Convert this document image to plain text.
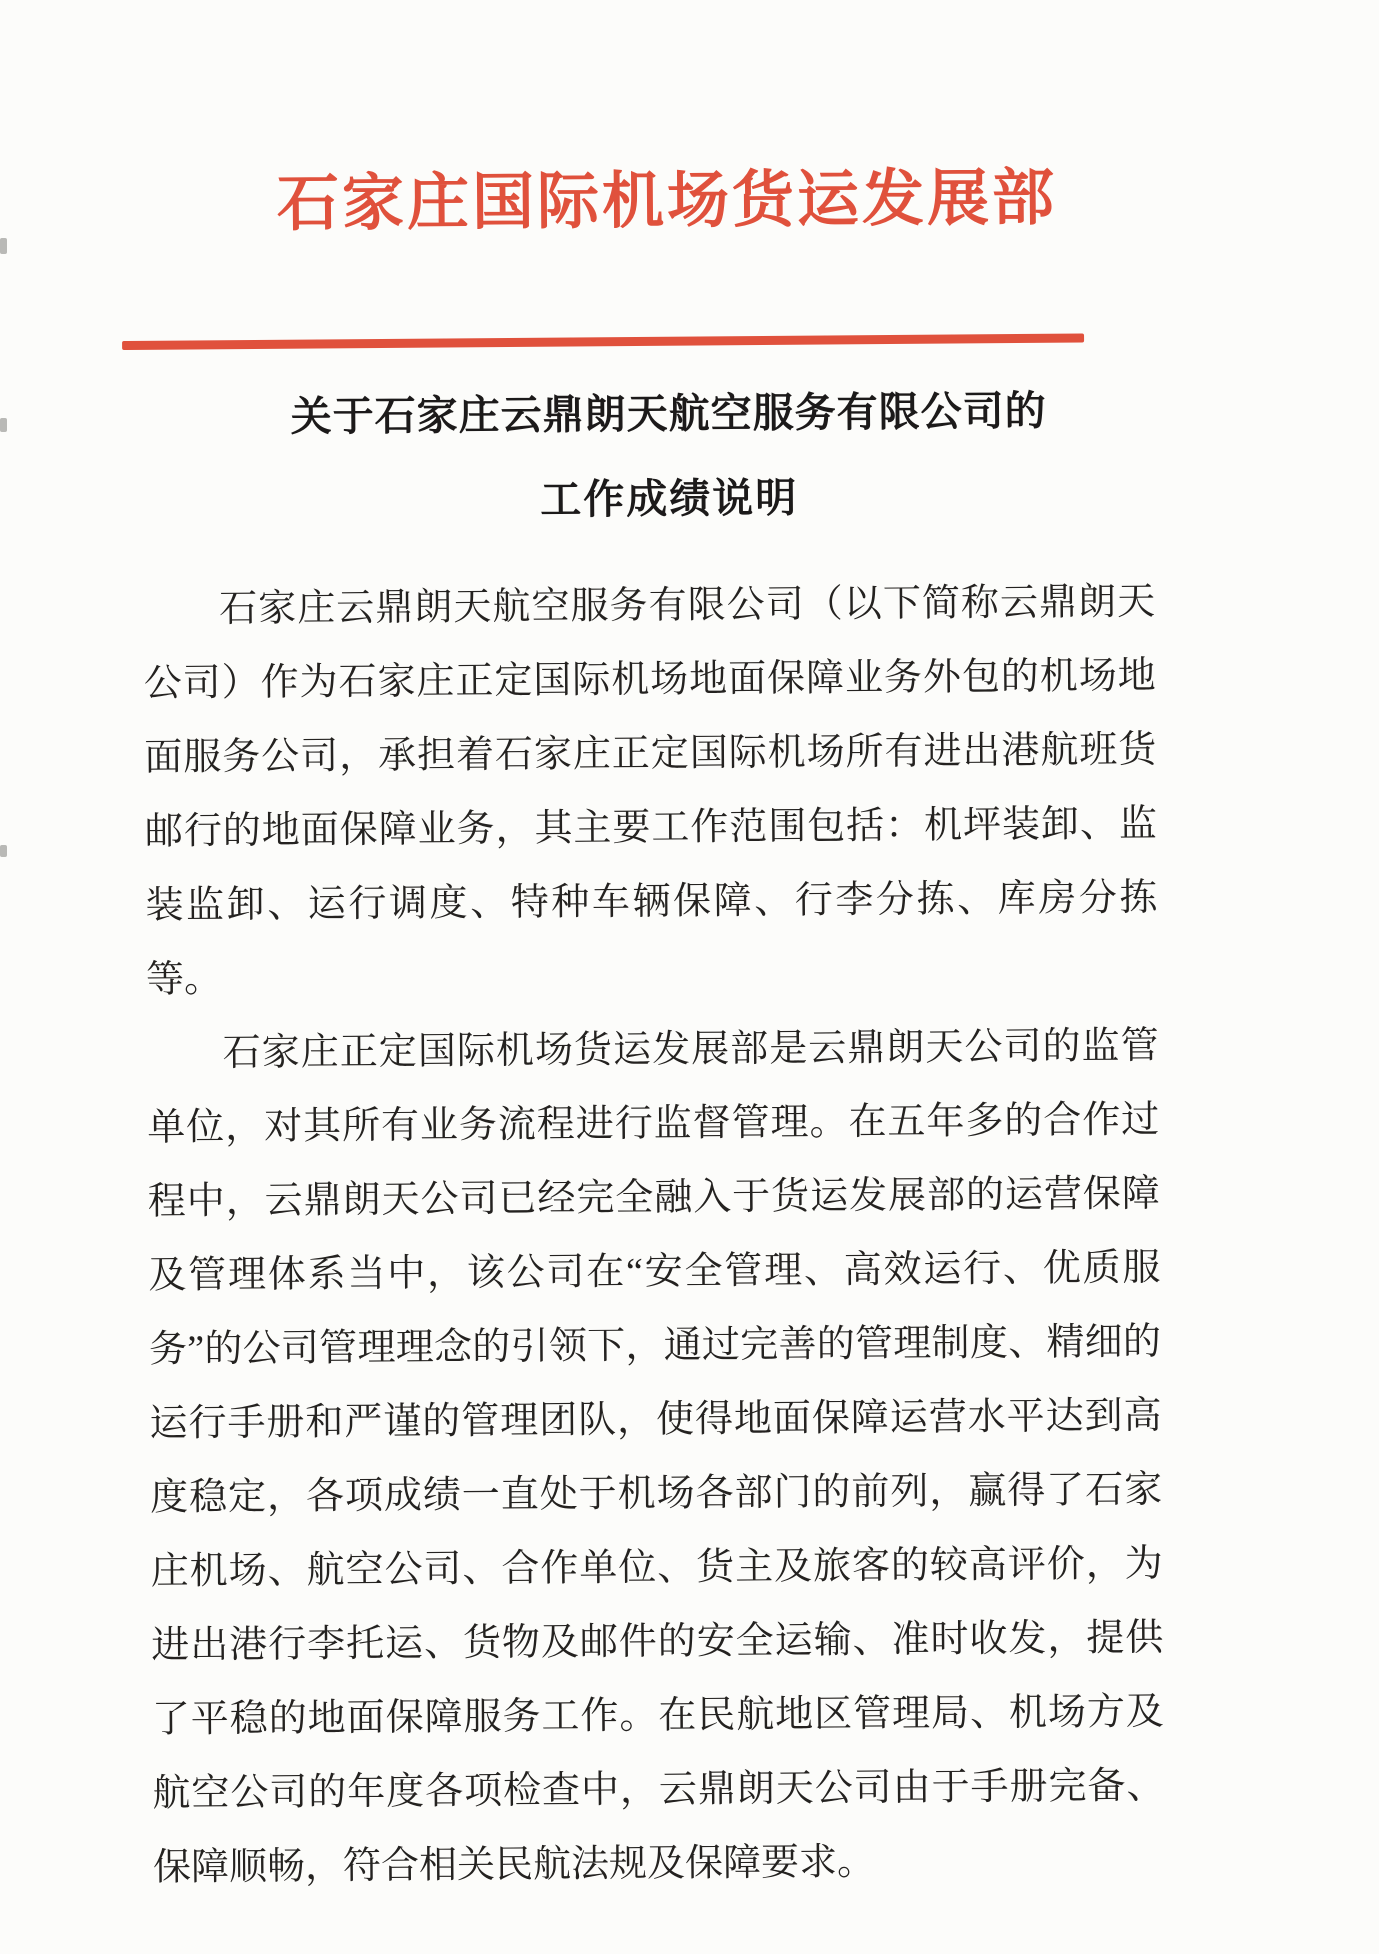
石家庄国际机场货运发展部
关于石家庄云鼎朗天航空服务有限公司的
工作成绩说明

石家庄云鼎朗天航空服务有限公司（以下简称云鼎朗天公司）作为石家庄正定国际机场地面保障业务外包的机场地面服务公司，承担着石家庄正定国际机场所有进出港航班货邮行的地面保障业务，其主要工作范围包括：机坪装卸、监装监卸、运行调度、特种车辆保障、行李分拣、库房分拣等。

石家庄正定国际机场货运发展部是云鼎朗天公司的监管单位，对其所有业务流程进行监督管理。在五年多的合作过程中，云鼎朗天公司已经完全融入于货运发展部的运营保障及管理体系当中，该公司在“安全管理、高效运行、优质服务”的公司管理理念的引领下，通过完善的管理制度、精细的运行手册和严谨的管理团队，使得地面保障运营水平达到高度稳定，各项成绩一直处于机场各部门的前列，赢得了石家庄机场、航空公司、合作单位、货主及旅客的较高评价，为进出港行李托运、货物及邮件的安全运输、准时收发，提供了平稳的地面保障服务工作。在民航地区管理局、机场方及航空公司的年度各项检查中，云鼎朗天公司由于手册完备、保障顺畅，符合相关民航法规及保障要求。
